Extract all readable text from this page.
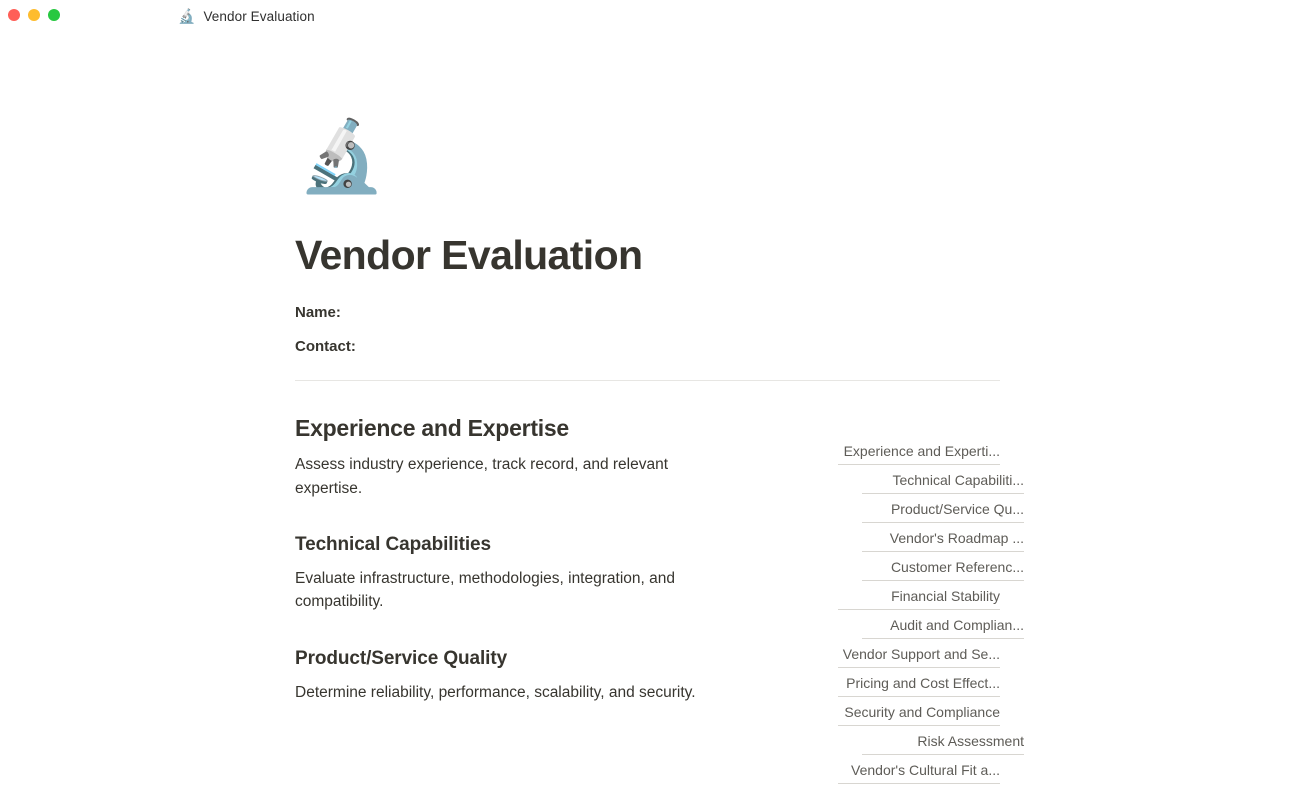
🔬 Vendor Evaluation
🔬
Vendor Evaluation
Name:
Contact:
Experience and Expertise

Assess industry experience, track record, and relevant expertise.

Technical Capabilities

Evaluate infrastructure, methodologies, integration, and compatibility.

Product/Service Quality

Determine reliability, performance, scalability, and security.

Experience and Experti...
Technical Capabiliti...
Product/Service Qu...
Vendor's Roadmap ...
Customer Referenc...
Financial Stability
Audit and Complian...
Vendor Support and Se...
Pricing and Cost Effect...
Security and Compliance
Risk Assessment
Vendor's Cultural Fit a...
